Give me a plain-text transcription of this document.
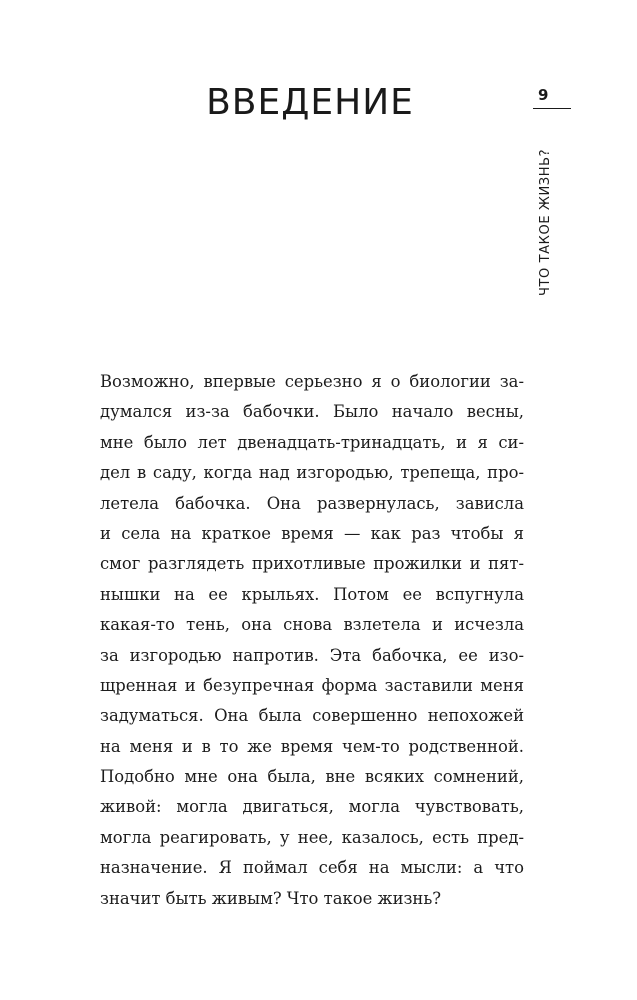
ВВЕДЕНИЕ	9
ЧТО ТАКОЕ ЖИЗНЬ?

Возможно, впервые серьезно я о биологии за-
думался из-за бабочки. Было начало весны,
мне было лет двенадцать-тринадцать, и я си-
дел в саду, когда над изгородью, трепеща, про-
летела бабочка. Она развернулась, зависла
и села на краткое время — как раз чтобы я
смог разглядеть прихотливые прожилки и пят-
нышки на ее крыльях. Потом ее вспугнула
какая-то тень, она снова взлетела и исчезла
за изгородью напротив. Эта бабочка, ее изо-
щренная и безупречная форма заставили меня
задуматься. Она была совершенно непохожей
на меня и в то же время чем-то родственной.
Подобно мне она была, вне всяких сомнений,
живой: могла двигаться, могла чувствовать,
могла реагировать, у нее, казалось, есть пред-
назначение. Я поймал себя на мысли: а что
значит быть живым? Что такое жизнь?
